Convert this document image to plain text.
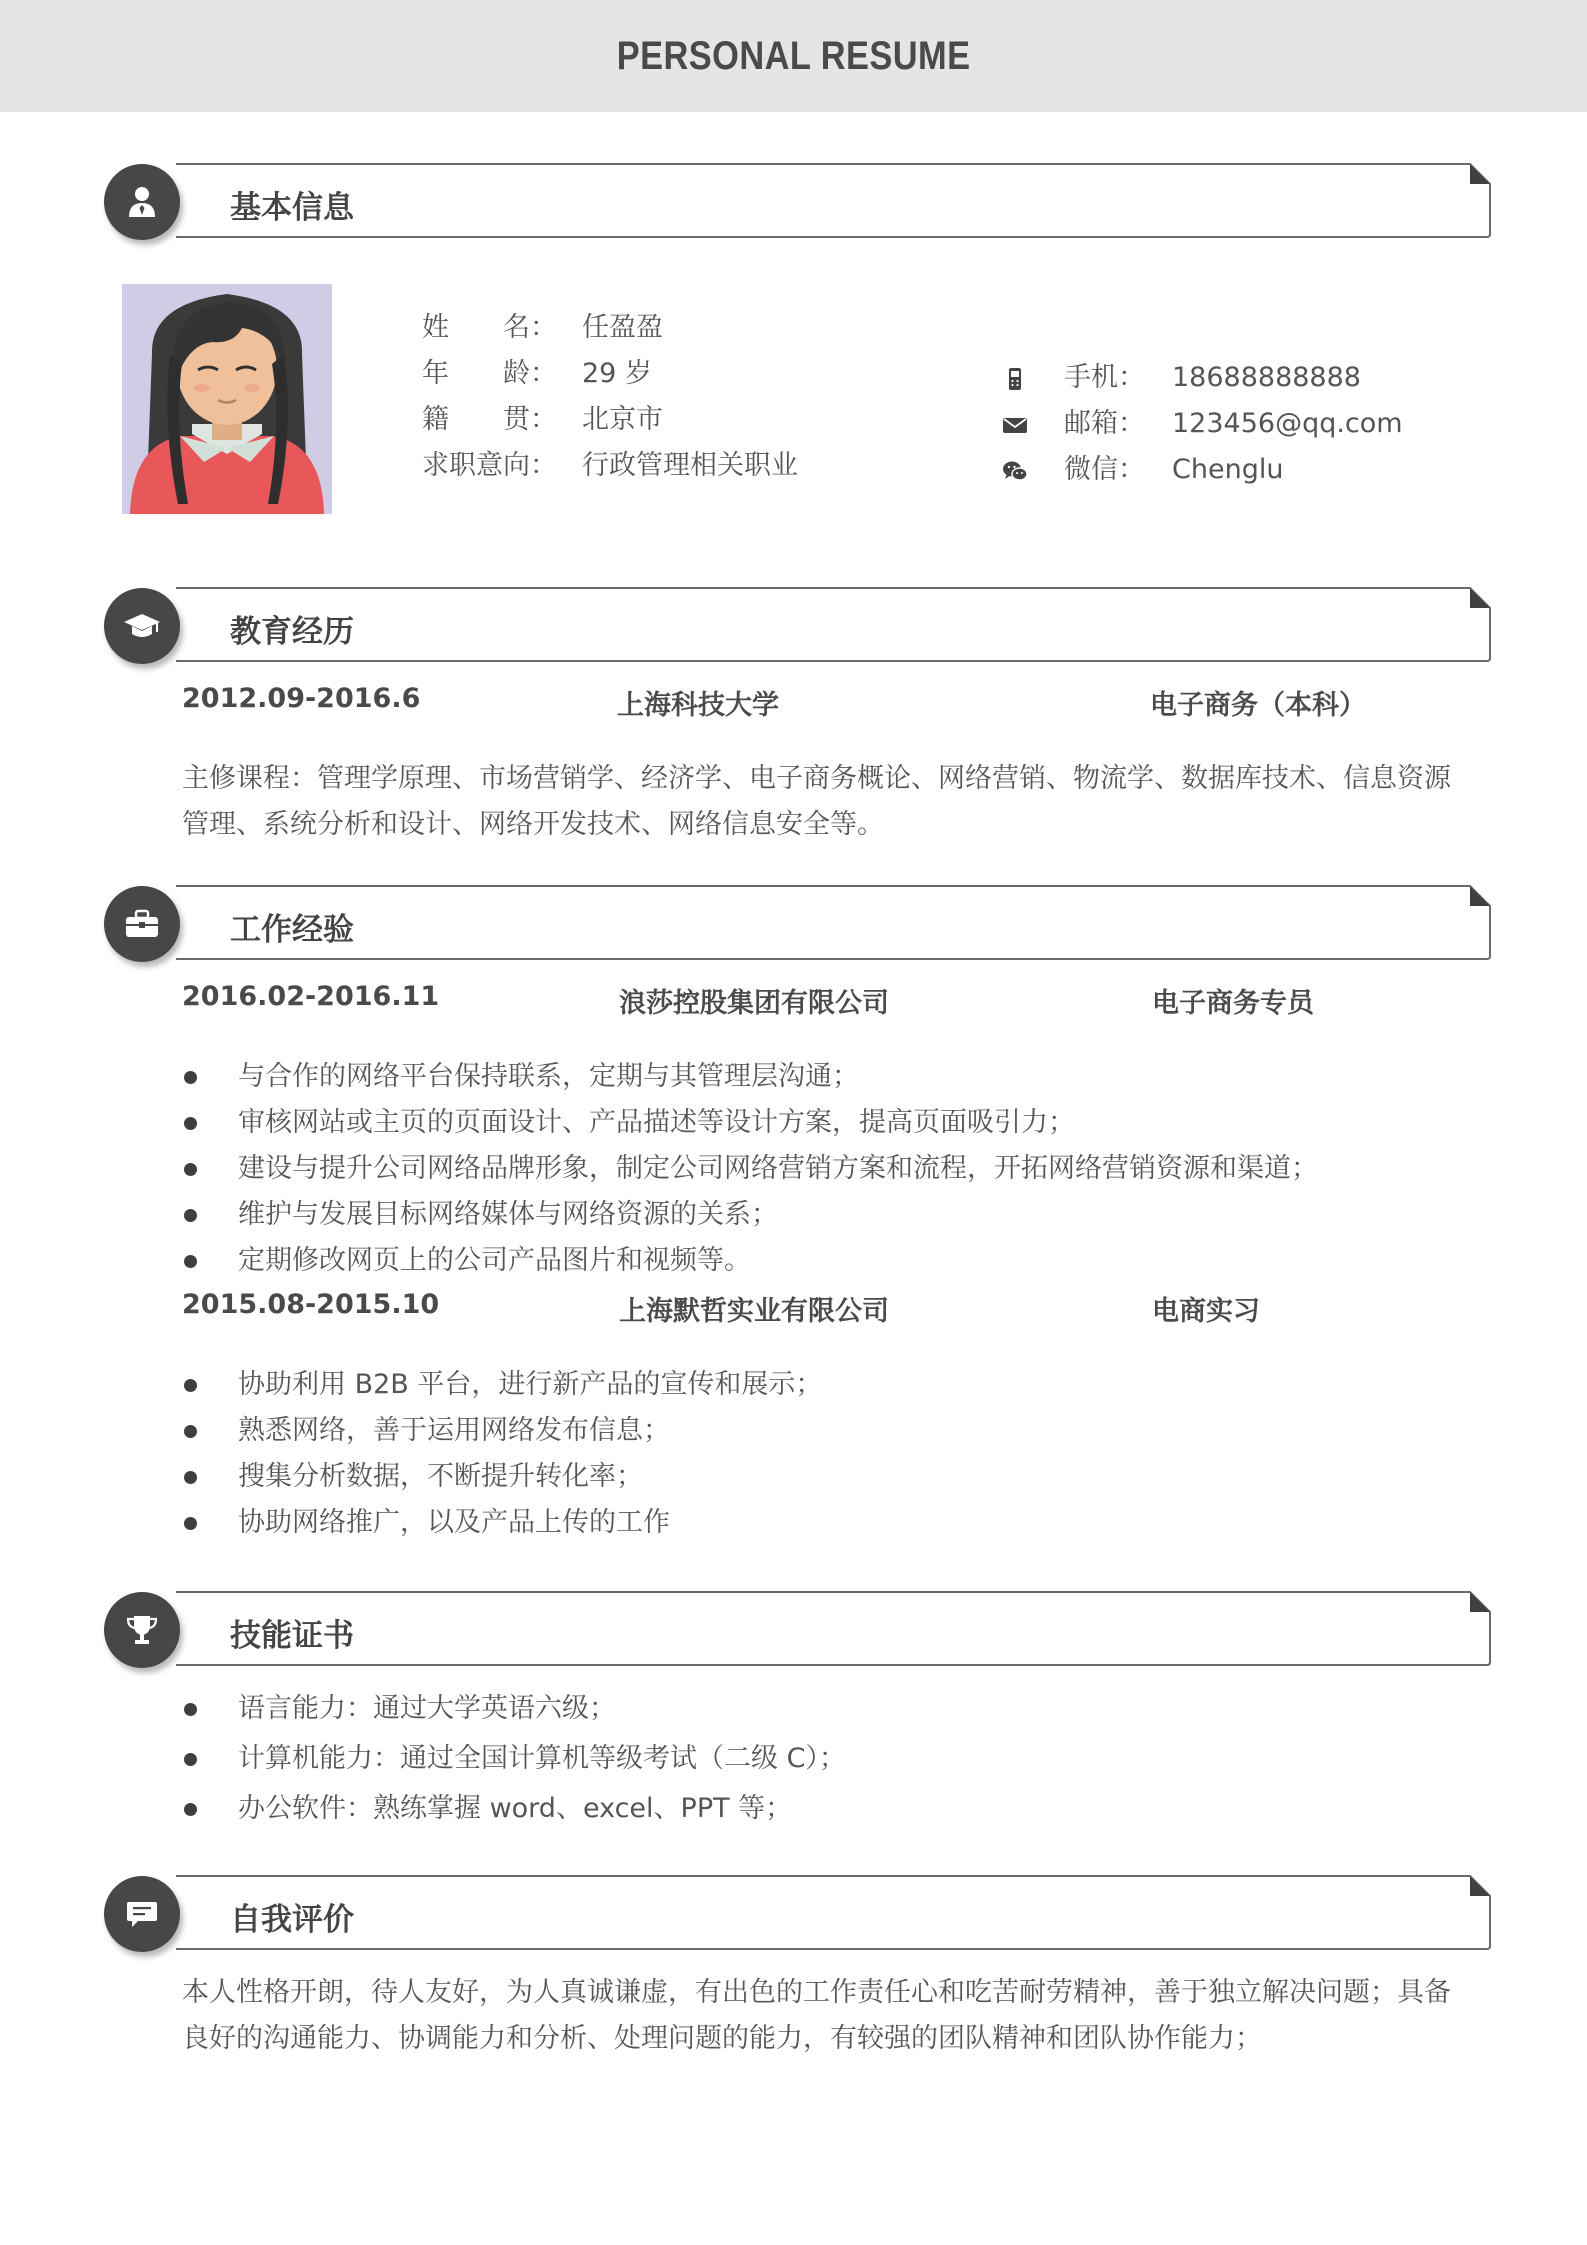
PERSONAL RESUME
基本信息
姓　　名： 任盈盈
年　　龄： 29 岁
籍　　贯： 北京市
求职意向： 行政管理相关职业
手机： 18688888888
邮箱： 123456@qq.com
微信： Chenglu
教育经历
2012.09-2016.6	上海科技大学	电子商务（本科）
主修课程：管理学原理、市场营销学、经济学、电子商务概论、网络营销、物流学、数据库技术、信息资源管理、系统分析和设计、网络开发技术、网络信息安全等。
工作经验
2016.02-2016.11	浪莎控股集团有限公司	电子商务专员
与合作的网络平台保持联系，定期与其管理层沟通；
审核网站或主页的页面设计、产品描述等设计方案，提高页面吸引力；
建设与提升公司网络品牌形象，制定公司网络营销方案和流程，开拓网络营销资源和渠道；
维护与发展目标网络媒体与网络资源的关系；
定期修改网页上的公司产品图片和视频等。
2015.08-2015.10	上海默哲实业有限公司	电商实习
协助利用 B2B 平台，进行新产品的宣传和展示；
熟悉网络，善于运用网络发布信息；
搜集分析数据，不断提升转化率；
协助网络推广，以及产品上传的工作
技能证书
语言能力：通过大学英语六级；
计算机能力：通过全国计算机等级考试（二级 C）；
办公软件：熟练掌握 word、excel、PPT 等；
自我评价
本人性格开朗，待人友好，为人真诚谦虚，有出色的工作责任心和吃苦耐劳精神，善于独立解决问题；具备良好的沟通能力、协调能力和分析、处理问题的能力，有较强的团队精神和团队协作能力；
